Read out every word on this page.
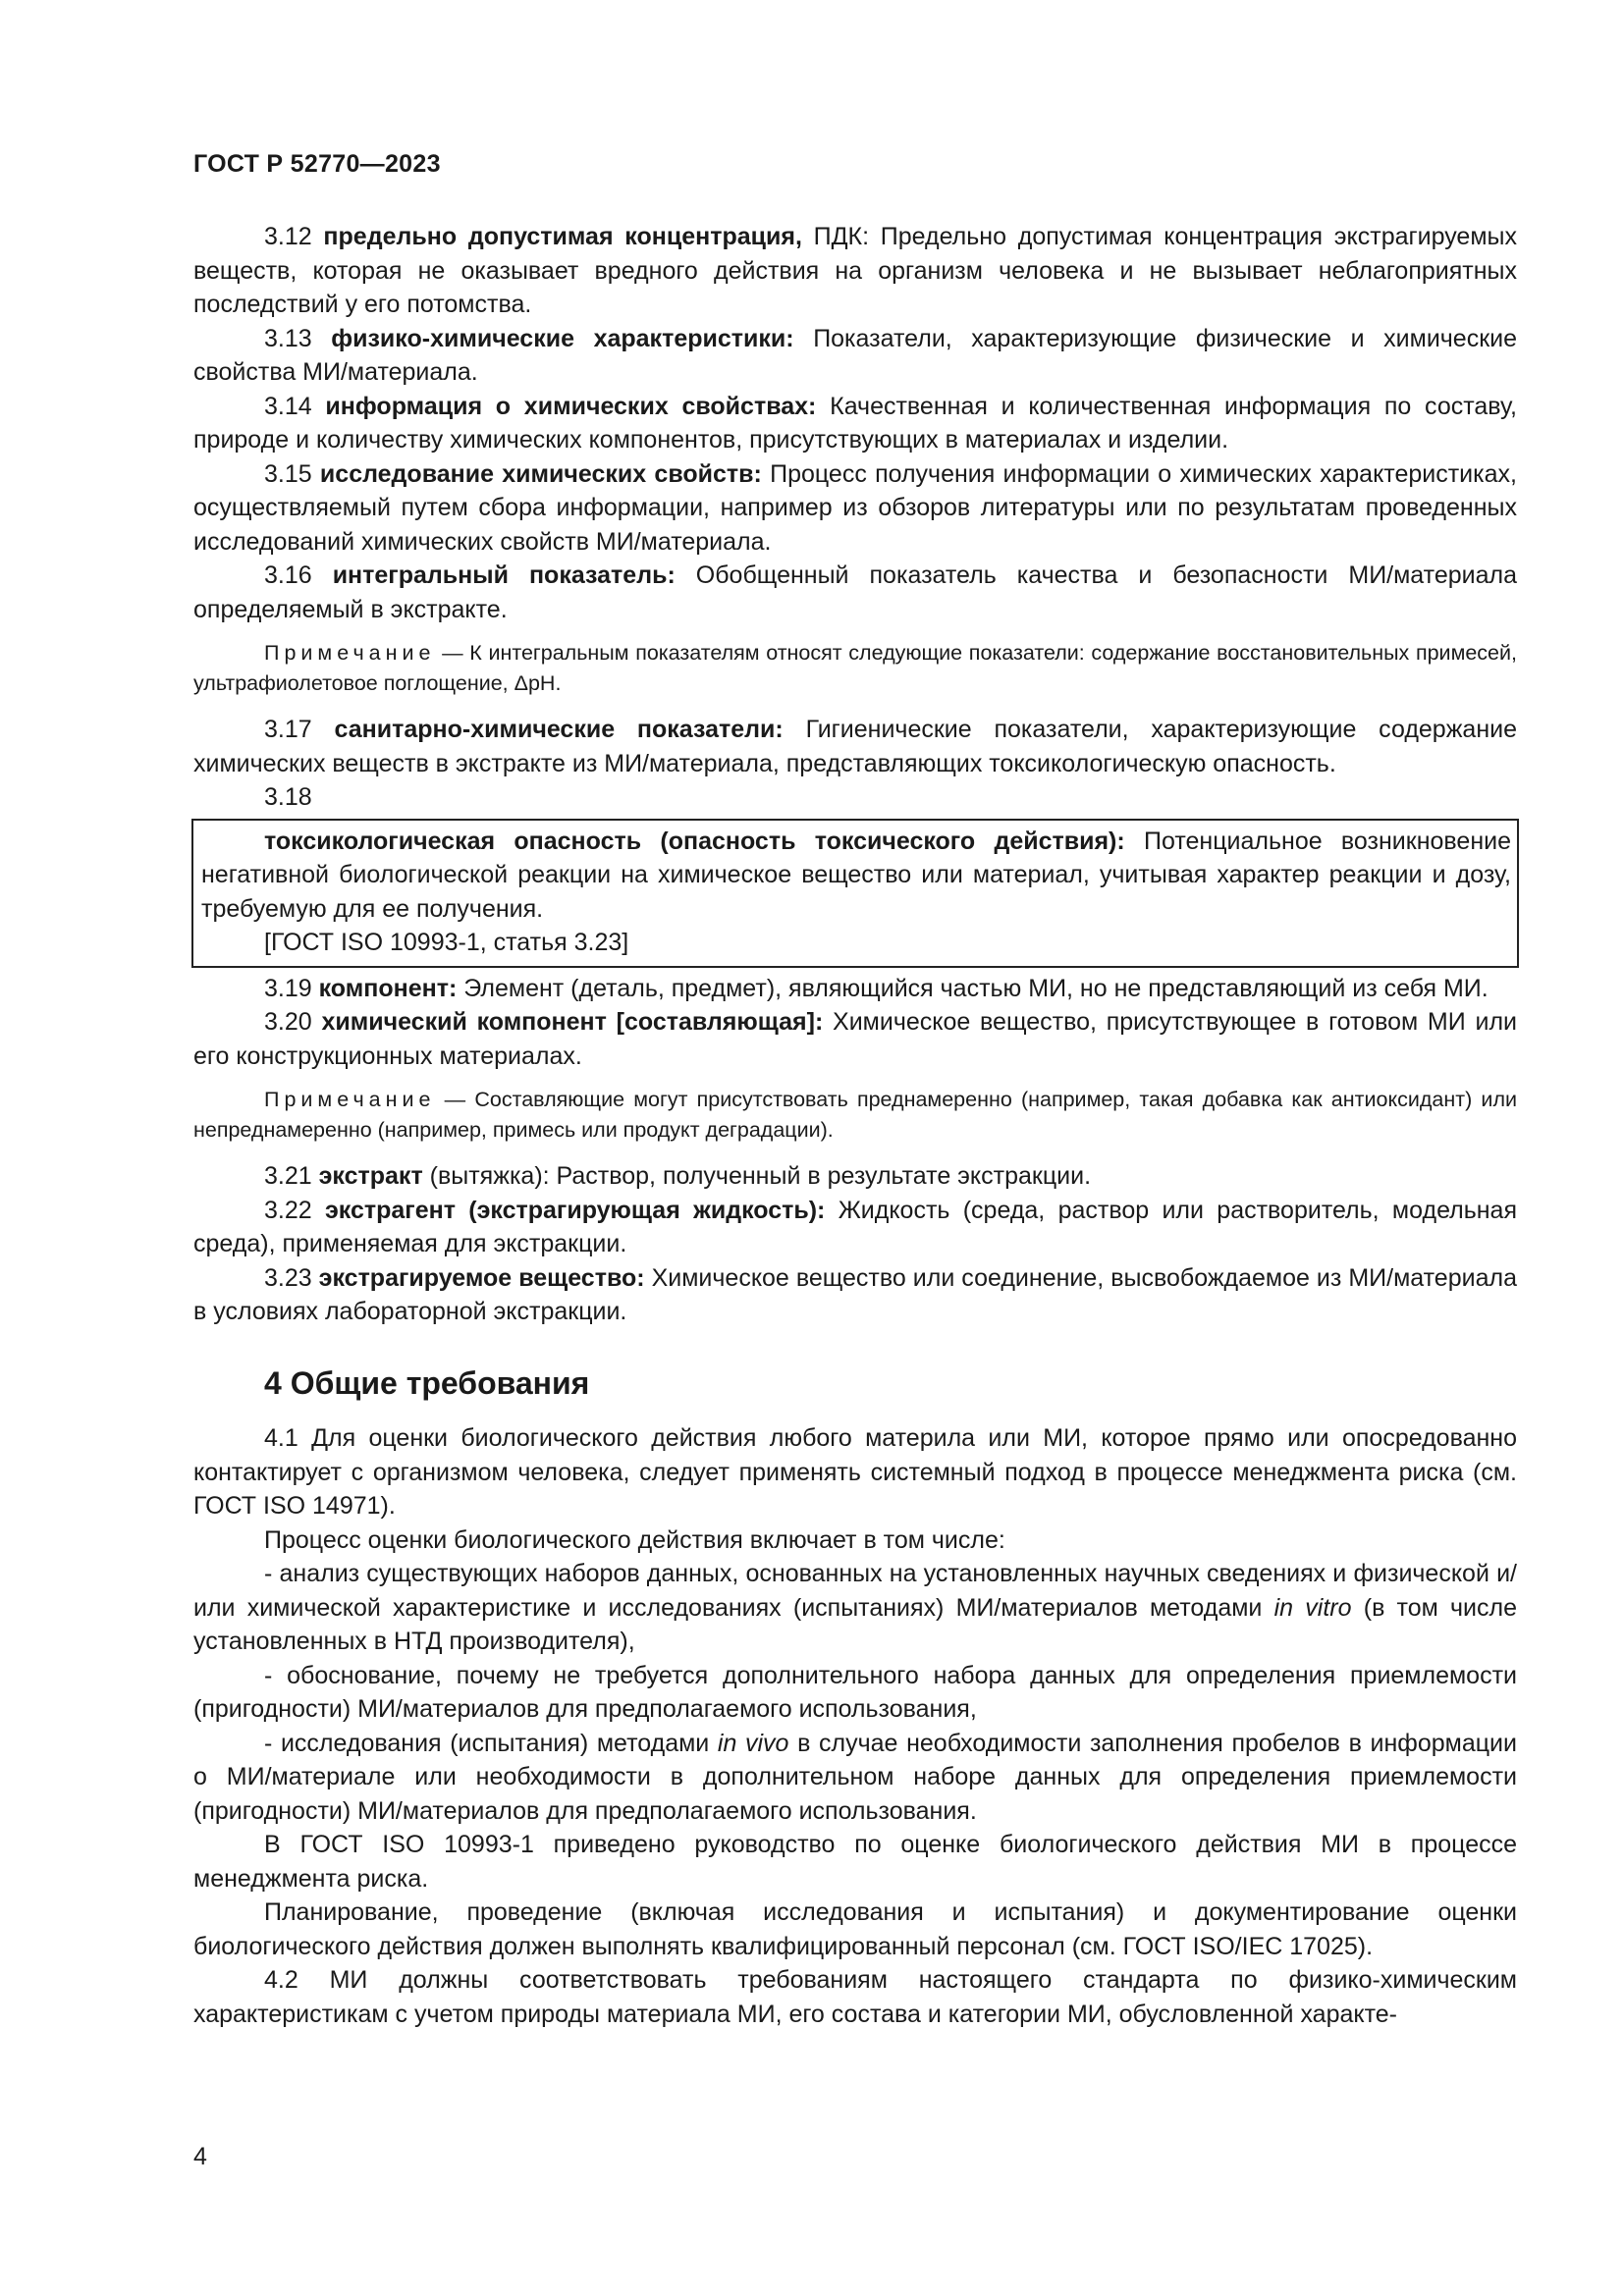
ГОСТ Р 52770—2023

3.12 предельно допустимая концентрация, ПДК: Предельно допустимая концентрация экстрагируемых веществ, которая не оказывает вредного действия на организм человека и не вызывает неблагоприятных последствий у его потомства.

3.13 физико-химические характеристики: Показатели, характеризующие физические и химические свойства МИ/материала.

3.14 информация о химических свойствах: Качественная и количественная информация по составу, природе и количеству химических компонентов, присутствующих в материалах и изделии.

3.15 исследование химических свойств: Процесс получения информации о химических характеристиках, осуществляемый путем сбора информации, например из обзоров литературы или по результатам проведенных исследований химических свойств МИ/материала.

3.16 интегральный показатель: Обобщенный показатель качества и безопасности МИ/материала определяемый в экстракте.

Примечание — К интегральным показателям относят следующие показатели: содержание восстановительных примесей, ультрафиолетовое поглощение, ΔpH.

3.17 санитарно-химические показатели: Гигиенические показатели, характеризующие содержание химических веществ в экстракте из МИ/материала, представляющих токсикологическую опасность.

3.18

токсикологическая опасность (опасность токсического действия): Потенциальное возникновение негативной биологической реакции на химическое вещество или материал, учитывая характер реакции и дозу, требуемую для ее получения.

[ГОСТ ISO 10993-1, статья 3.23]

3.19 компонент: Элемент (деталь, предмет), являющийся частью МИ, но не представляющий из себя МИ.

3.20 химический компонент [составляющая]: Химическое вещество, присутствующее в готовом МИ или его конструкционных материалах.

Примечание — Составляющие могут присутствовать преднамеренно (например, такая добавка как антиоксидант) или непреднамеренно (например, примесь или продукт деградации).

3.21 экстракт (вытяжка): Раствор, полученный в результате экстракции.

3.22 экстрагент (экстрагирующая жидкость): Жидкость (среда, раствор или растворитель, модельная среда), применяемая для экстракции.

3.23 экстрагируемое вещество: Химическое вещество или соединение, высвобождаемое из МИ/материала в условиях лабораторной экстракции.

4 Общие требования

4.1 Для оценки биологического действия любого материла или МИ, которое прямо или опосредованно контактирует с организмом человека, следует применять системный подход в процессе менеджмента риска (см. ГОСТ ISO 14971).

Процесс оценки биологического действия включает в том числе:

- анализ существующих наборов данных, основанных на установленных научных сведениях и физической и/или химической характеристике и исследованиях (испытаниях) МИ/материалов методами in vitro (в том числе установленных в НТД производителя),

- обоснование, почему не требуется дополнительного набора данных для определения приемлемости (пригодности) МИ/материалов для предполагаемого использования,

- исследования (испытания) методами in vivo в случае необходимости заполнения пробелов в информации о МИ/материале или необходимости в дополнительном наборе данных для определения приемлемости (пригодности) МИ/материалов для предполагаемого использования.

В ГОСТ ISO 10993-1 приведено руководство по оценке биологического действия МИ в процессе менеджмента риска.

Планирование, проведение (включая исследования и испытания) и документирование оценки биологического действия должен выполнять квалифицированный персонал (см. ГОСТ ISO/IEC 17025).

4.2 МИ должны соответствовать требованиям настоящего стандарта по физико-химическим характеристикам с учетом природы материала МИ, его состава и категории МИ, обусловленной характе-

4
